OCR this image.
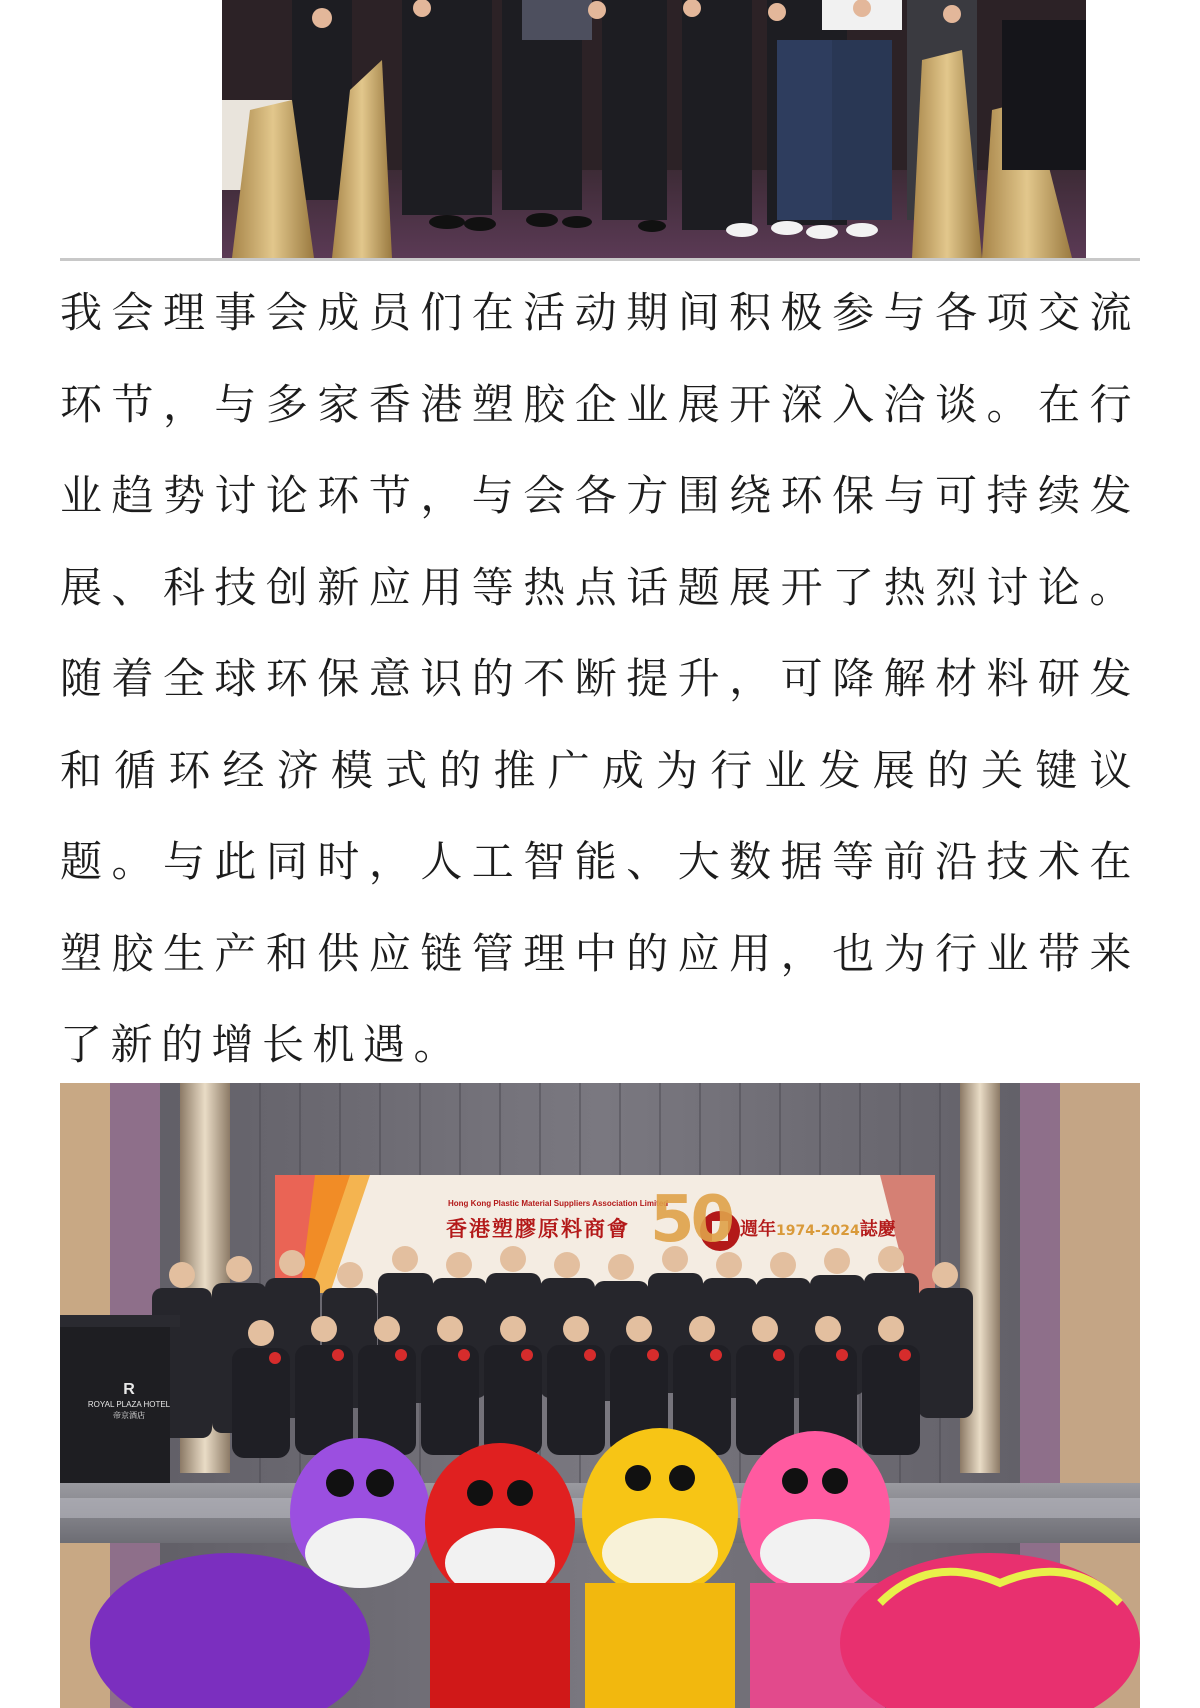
我会理事会成员们在活动期间积极参与各项交流环节，与多家香港塑胶企业展开深入洽谈。在行业趋势讨论环节，与会各方围绕环保与可持续发展、科技创新应用等热点话题展开了热烈讨论。随着全球环保意识的不断提升，可降解材料研发和循环经济模式的推广成为行业发展的关键议题。与此同时，人工智能、大数据等前沿技术在塑胶生产和供应链管理中的应用，也为行业带来了新的增长机遇。

Hong Kong Plastic Material Suppliers Association Limited
香港塑膠原料商會 50 週年1974-2024誌慶
R
ROYAL PLAZA HOTEL
帝京酒店
